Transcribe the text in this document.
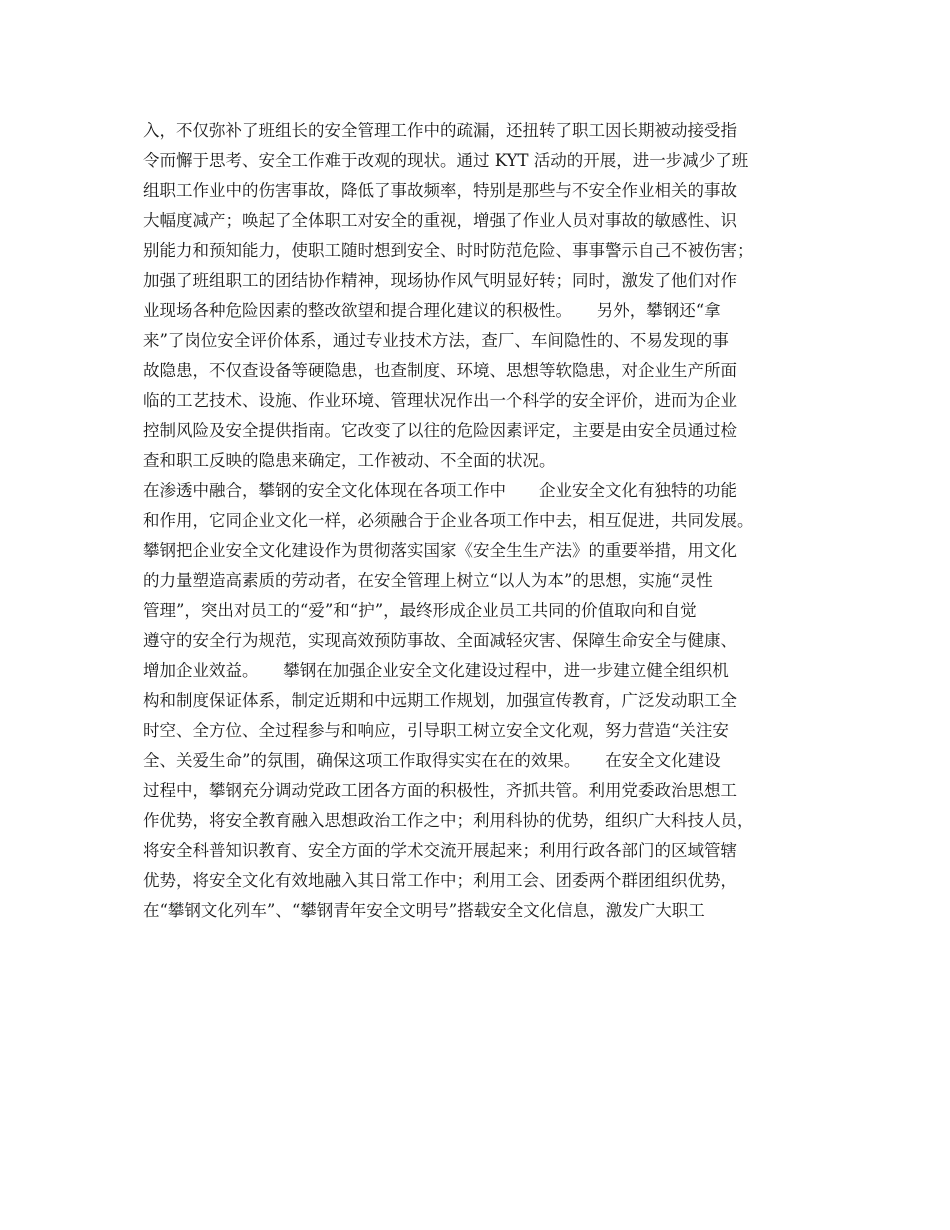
入，不仅弥补了班组长的安全管理工作中的疏漏，还扭转了职工因长期被动接受指
令而懈于思考、安全工作难于改观的现状。通过 KYT 活动的开展，进一步减少了班
组职工作业中的伤害事故，降低了事故频率，特别是那些与不安全作业相关的事故
大幅度减产；唤起了全体职工对安全的重视，增强了作业人员对事故的敏感性、识
别能力和预知能力，使职工随时想到安全、时时防范危险、事事警示自己不被伤害；
加强了班组职工的团结协作精神，现场协作风气明显好转；同时，激发了他们对作
业现场各种危险因素的整改欲望和提合理化建议的积极性。　　另外，攀钢还“拿
来”了岗位安全评价体系，通过专业技术方法，查厂、车间隐性的、不易发现的事
故隐患，不仅查设备等硬隐患，也查制度、环境、思想等软隐患，对企业生产所面
临的工艺技术、设施、作业环境、管理状况作出一个科学的安全评价，进而为企业
控制风险及安全提供指南。它改变了以往的危险因素评定，主要是由安全员通过检
查和职工反映的隐患来确定，工作被动、不全面的状况。
在渗透中融合，攀钢的安全文化体现在各项工作中　　企业安全文化有独特的功能
和作用，它同企业文化一样，必须融合于企业各项工作中去，相互促进，共同发展。
攀钢把企业安全文化建设作为贯彻落实国家《安全生生产法》的重要举措，用文化
的力量塑造高素质的劳动者，在安全管理上树立“以人为本”的思想，实施“灵性
管理”，突出对员工的“爱”和“护”，最终形成企业员工共同的价值取向和自觉
遵守的安全行为规范，实现高效预防事故、全面减轻灾害、保障生命安全与健康、
增加企业效益。　　攀钢在加强企业安全文化建设过程中，进一步建立健全组织机
构和制度保证体系，制定近期和中远期工作规划，加强宣传教育，广泛发动职工全
时空、全方位、全过程参与和响应，引导职工树立安全文化观，努力营造“关注安
全、关爱生命”的氛围，确保这项工作取得实实在在的效果。　　在安全文化建设
过程中，攀钢充分调动党政工团各方面的积极性，齐抓共管。利用党委政治思想工
作优势，将安全教育融入思想政治工作之中；利用科协的优势，组织广大科技人员，
将安全科普知识教育、安全方面的学术交流开展起来；利用行政各部门的区域管辖
优势，将安全文化有效地融入其日常工作中；利用工会、团委两个群团组织优势，
在“攀钢文化列车”、“攀钢青年安全文明号”搭载安全文化信息，激发广大职工
